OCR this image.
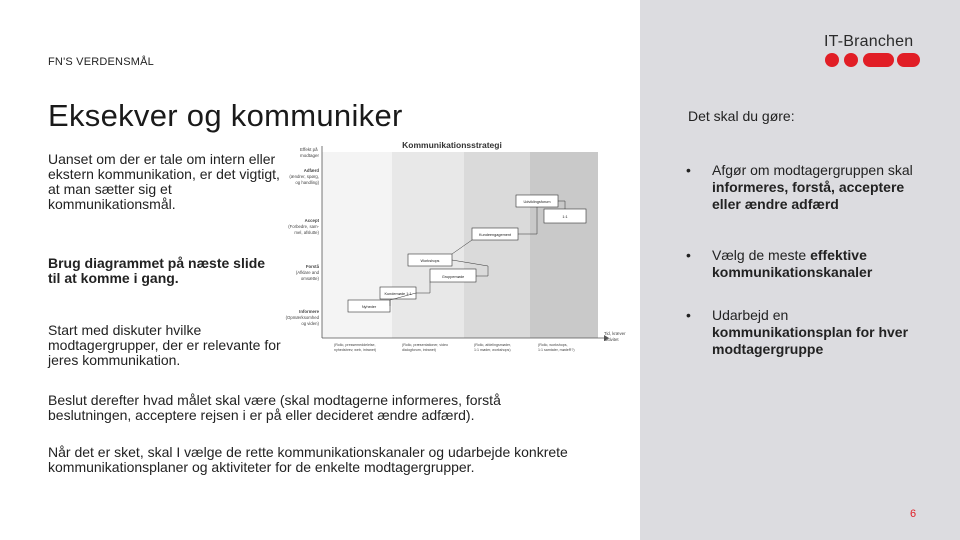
FN'S VERDENSMÅL
Eksekver og kommuniker

Uanset om der er tale om intern eller ekstern kommunikation, er det vigtigt, at man sætter sig et kommunikationsmål.

Brug diagrammet på næste slide til at komme i gang.

Start med diskuter hvilke modtagergrupper, der er relevante for jeres kommunikation.

Beslut derefter hvad målet skal være (skal modtagerne informeres, forstå beslutningen, acceptere rejsen i er på eller decideret ændre adfærd).

Når det er sket, skal I vælge de rette kommunikationskanaler og udarbejde konkrete kommunikationsplaner og aktiviteter for de enkelte modtagergrupper.

Kommunikationsstrategi
Effekt på
modtager
Adfærd
(ændrer, spørg,
og handling)
Accept
(Forbedre, sam-
mel, afslutte)
Forstå
(Afklare and
omsætte)
Informere
(Opmærksomhed
og viden)
Udviklingsforum
1:1
Kundeengagement
Workshops
Gruppemøde
Kundemøde 1:1
Nyheder
Tid, kræver
aktivitet
(Rollo, pressemeddelelse,
nyhedsbrev, web, intranet)
(Rollo, præsentationer, video
dialogforum, intranet)
(Rollo, afdelingsmøder,
1:1 møder, workshops)
(Rollo, workshops,
1:1 samtaler, mødeR?)
IT-Branchen
Det skal du gøre:
• Afgør om modtagergruppen skal informeres, forstå, acceptere eller ændre adfærd
• Vælg de meste effektive kommunikationskanaler
• Udarbejd en kommunikationsplan for hver modtagergruppe
6
